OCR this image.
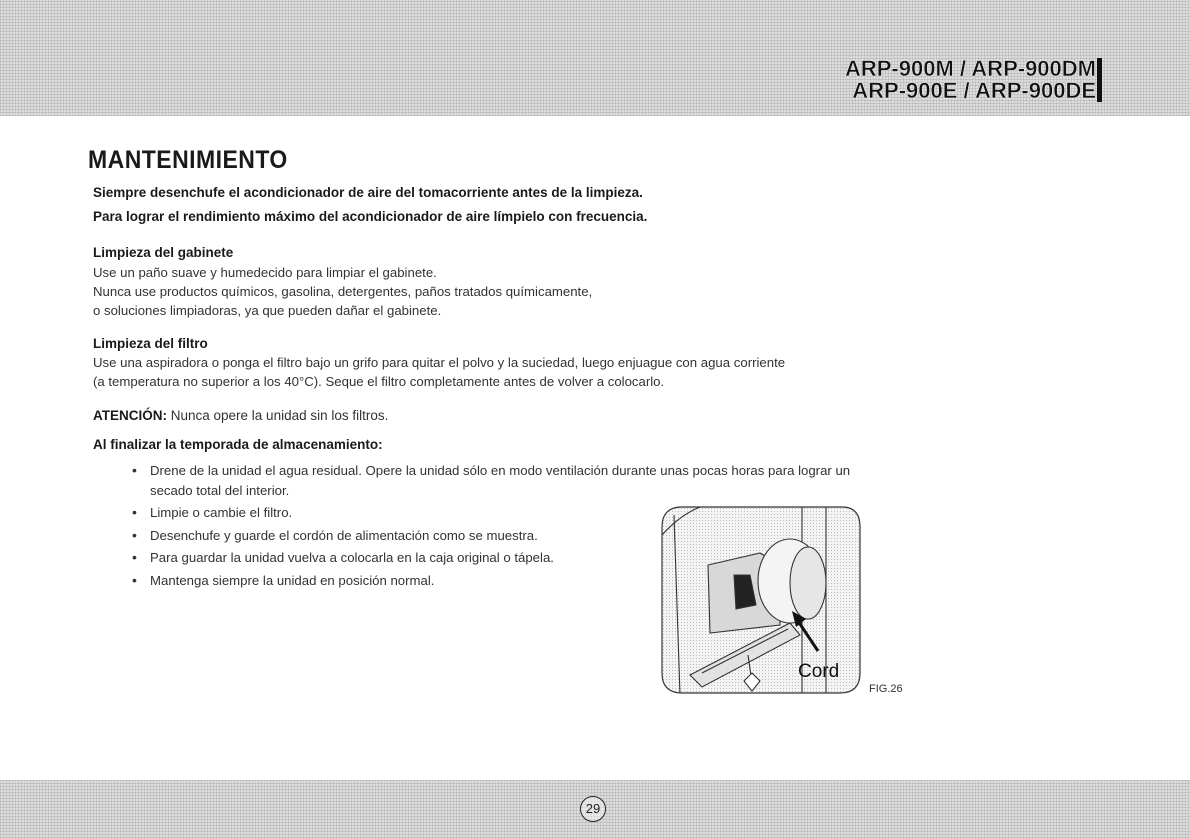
ARP-900M / ARP-900DM
ARP-900E / ARP-900DE
MANTENIMIENTO
Siempre desenchufe el acondicionador de aire del tomacorriente antes de la limpieza.
Para lograr el rendimiento máximo del acondicionador de aire límpielo con frecuencia.
Limpieza del gabinete
Use un paño suave y humedecido para limpiar el gabinete.
Nunca use productos químicos, gasolina, detergentes, paños tratados químicamente,
o soluciones limpiadoras, ya que pueden dañar el gabinete.
Limpieza del filtro
Use una aspiradora o ponga el filtro bajo un grifo para quitar el polvo y la suciedad, luego enjuague con agua corriente
(a temperatura no superior a los 40°C). Seque el filtro completamente antes de volver a colocarlo.
ATENCIÓN: Nunca opere la unidad sin los filtros.
Al finalizar la temporada de almacenamiento:
• Drene de la unidad el agua residual. Opere la unidad sólo en modo ventilación durante unas pocas horas para lograr un
secado total del interior.
• Limpie o cambie el filtro.
• Desenchufe y guarde el cordón de alimentación como se muestra.
• Para guardar la unidad vuelva a colocarla en la caja original o tápela.
• Mantenga siempre la unidad en posición normal.
Cord
FIG.26
29
